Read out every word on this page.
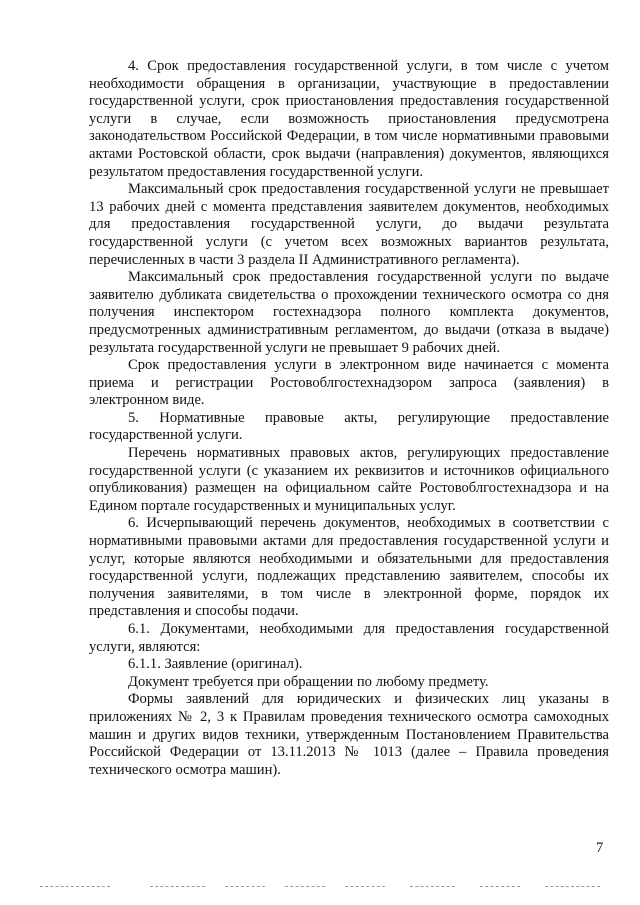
4. Срок предоставления государственной услуги, в том числе с учетом необходимости обращения в организации, участвующие в предоставлении государственной услуги, срок приостановления предоставления государственной услуги в случае, если возможность приостановления предусмотрена законодательством Российской Федерации, в том числе нормативными правовыми актами Ростовской области, срок выдачи (направления) документов, являющихся результатом предоставления государственной услуги.

Максимальный срок предоставления государственной услуги не превышает 13 рабочих дней с момента представления заявителем документов, необходимых для предоставления государственной услуги, до выдачи результата государственной услуги (с учетом всех возможных вариантов результата, перечисленных в части 3 раздела II Административного регламента).

Максимальный срок предоставления государственной услуги по выдаче заявителю дубликата свидетельства о прохождении технического осмотра со дня получения инспектором гостехнадзора полного комплекта документов, предусмотренных административным регламентом, до выдачи (отказа в выдаче) результата государственной услуги не превышает 9 рабочих дней.

Срок предоставления услуги в электронном виде начинается с момента приема и регистрации Ростовоблгостехнадзором запроса (заявления) в электронном виде.

5. Нормативные правовые акты, регулирующие предоставление государственной услуги.

Перечень нормативных правовых актов, регулирующих предоставление государственной услуги (с указанием их реквизитов и источников официального опубликования) размещен на официальном сайте Ростовоблгостехнадзора и на Едином портале государственных и муниципальных услуг.

6. Исчерпывающий перечень документов, необходимых в соответствии с нормативными правовыми актами для предоставления государственной услуги и услуг, которые являются необходимыми и обязательными для предоставления государственной услуги, подлежащих представлению заявителем, способы их получения заявителями, в том числе в электронной форме, порядок их представления и способы подачи.

6.1. Документами, необходимыми для предоставления государственной услуги, являются:

6.1.1. Заявление (оригинал).

Документ требуется при обращении по любому предмету.

Формы заявлений для юридических и физических лиц указаны в приложениях № 2, 3 к Правилам проведения технического осмотра самоходных машин и других видов техники, утвержденным Постановлением Правительства Российской Федерации от 13.11.2013 № 1013 (далее – Правила проведения технического осмотра машин).

7
